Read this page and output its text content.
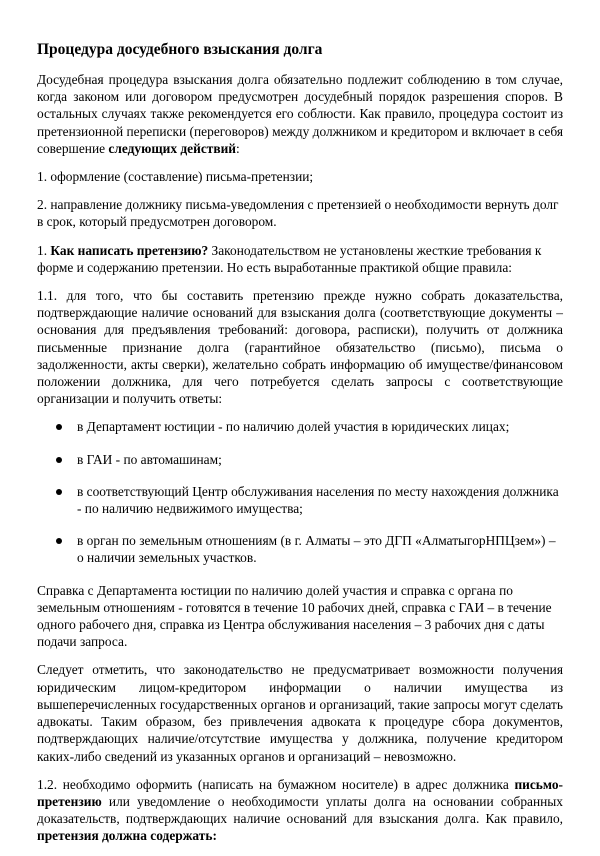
Процедура досудебного взыскания долга

Досудебная процедура взыскания долга обязательно подлежит соблюдению в том случае, когда законом или договором предусмотрен досудебный порядок разрешения споров. В остальных случаях также рекомендуется его соблюсти. Как правило, процедура состоит из претензионной переписки (переговоров) между должником и кредитором и включает в себя совершение следующих действий:

1. оформление (составление) письма-претензии;

2. направление должнику письма-уведомления с претензией о необходимости вернуть долг в срок, который предусмотрен договором.

1. Как написать претензию? Законодательством не установлены жесткие требования к форме и содержанию претензии. Но есть выработанные практикой общие правила:

1.1. для того, что бы составить претензию прежде нужно собрать доказательства, подтверждающие наличие оснований для взыскания долга (соответствующие документы – основания для предъявления требований: договора, расписки), получить от должника письменные признание долга (гарантийное обязательство (письмо), письма о задолженности, акты сверки), желательно собрать информацию об имуществе/финансовом положении должника, для чего потребуется сделать запросы с соответствующие организации и получить ответы:

в Департамент юстиции - по наличию долей участия в юридических лицах;
в ГАИ - по автомашинам;
в соответствующий Центр обслуживания населения по месту нахождения должника - по наличию недвижимого имущества;
в орган по земельным отношениям (в г. Алматы – это ДГП «АлматыгорНПЦзем») – о наличии земельных участков.

Справка с Департамента юстиции по наличию долей участия и справка с органа по земельным отношениям - готовятся в течение 10 рабочих дней, справка с ГАИ – в течение одного рабочего дня, справка из Центра обслуживания населения – 3 рабочих дня с даты подачи запроса.

Следует отметить, что законодательство не предусматривает возможности получения юридическим лицом-кредитором информации о наличии имущества из вышеперечисленных государственных органов и организаций, такие запросы могут сделать адвокаты. Таким образом, без привлечения адвоката к процедуре сбора документов, подтверждающих наличие/отсутствие имущества у должника, получение кредитором каких-либо сведений из указанных органов и организаций – невозможно.

1.2. необходимо оформить (написать на бумажном носителе) в адрес должника письмо-претензию или уведомление о необходимости уплаты долга на основании собранных доказательств, подтверждающих наличие оснований для взыскания долга. Как правило, претензия должна содержать:
